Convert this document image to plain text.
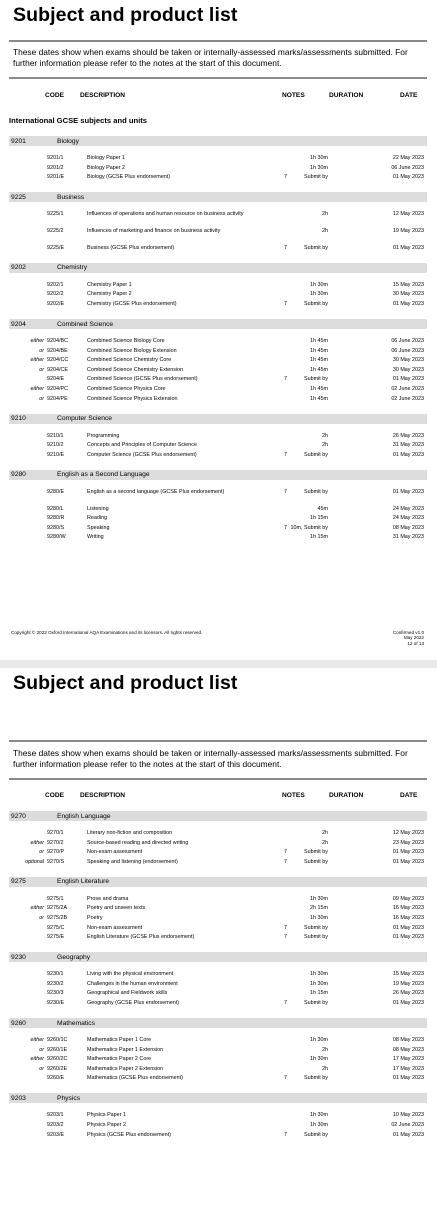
Subject and product list
These dates show when exams should be taken or internally-assessed marks/assessments submitted. For further information please refer to the notes at the start of this document.
CODE DESCRIPTION	NOTES	DURATION	DATE
International GCSE subjects and units
9201	Biology
9201/1	Biology Paper 1	1h 30m	22 May 2023
9201/2	Biology Paper 2	1h 30m	06 June 2023
9201/E	Biology (GCSE Plus endorsement)	7	Submit by	01 May 2023
9225	Business
9225/1	Influences of operations and human resource on business activity	2h	12 May 2023
9225/2	Influences of marketing and finance on business activity	2h	19 May 2023
9225/E	Business (GCSE Plus endorsement)	7	Submit by	01 May 2023
9202	Chemistry
9202/1	Chemistry Paper 1	1h 30m	15 May 2023
9202/2	Chemistry Paper 2	1h 30m	30 May 2023
9202/E	Chemistry (GCSE Plus endorsement)	7	Submit by	01 May 2023
9204	Combined Science
either 9204/BC	Combined Science Biology Core	1h 45m	06 June 2023
or 9204/BE	Combined Science Biology Extension	1h 45m	06 June 2023
either 9204/CC	Combined Science Chemistry Core	1h 45m	30 May 2023
or 9204/CE	Combined Science Chemistry Extension	1h 45m	30 May 2023
9204/E	Combined Science (GCSE Plus endorsement)	7	Submit by	01 May 2023
either 9204/PC	Combined Science Physics Core	1h 45m	02 June 2023
or 9204/PE	Combined Science Physics Extension	1h 45m	02 June 2023
9210	Computer Science
9210/1	Programming	2h	26 May 2023
9210/2	Concepts and Principles of Computer Science	2h	31 May 2023
9210/E	Computer Science (GCSE Plus endorsement)	7	Submit by	01 May 2023
9280	English as a Second Language
9280/E	English as a second language (GCSE Plus endorsement)	7	Submit by	01 May 2023
9280/L	Listening	45m	24 May 2023
9280/R	Reading	1h 15m	24 May 2023
9280/S	Speaking	7 10m, Submit by	08 May 2023
9280/W	Writing	1h 15m	31 May 2023
Copyright © 2022 Oxford International AQA Examinations and its licensors. All rights reserved.	Confirmed v1.0
May 2022
12 of 13
Subject and product list
These dates show when exams should be taken or internally-assessed marks/assessments submitted. For further information please refer to the notes at the start of this document.
CODE DESCRIPTION	NOTES	DURATION	DATE
9270	English Language
9270/1	Literary non-fiction and composition	2h	12 May 2023
either 9270/2	Source-based reading and directed writing	2h	23 May 2023
or 9270/P	Non-exam assessment	7	Submit by	01 May 2023
optional 9270/S	Speaking and listening (endorsement)	7	Submit by	01 May 2023
9275	English Literature
9275/1	Prose and drama	1h 30m	09 May 2023
either 9275/2A	Poetry and unseen texts	2h 15m	16 May 2023
or 9275/2B	Poetry	1h 30m	16 May 2023
9275/C	Non-exam assessment	7	Submit by	01 May 2023
9275/E	English Literature (GCSE Plus endorsement)	7	Submit by	01 May 2023
9230	Geography
9230/1	Living with the physical environment	1h 30m	15 May 2023
9230/2	Challenges in the human environment	1h 30m	19 May 2023
9230/3	Geographical and Fieldwork skills	1h 15m	26 May 2023
9230/E	Geography (GCSE Plus endorsement)	7	Submit by	01 May 2023
9260	Mathematics
either 9260/1C	Mathematics Paper 1 Core	1h 30m	08 May 2023
or 9260/1E	Mathematics Paper 1 Extension	2h	08 May 2023
either 9260/2C	Mathematics Paper 2 Core	1h 30m	17 May 2023
or 9260/2E	Mathematics Paper 2 Extension	2h	17 May 2023
9260/E	Mathematics (GCSE Plus endorsement)	7	Submit by	01 May 2023
9203	Physics
9203/1	Physics Paper 1	1h 30m	10 May 2023
9203/2	Physics Paper 2	1h 30m	02 June 2023
9203/E	Physics (GCSE Plus endorsement)	7	Submit by	01 May 2023
